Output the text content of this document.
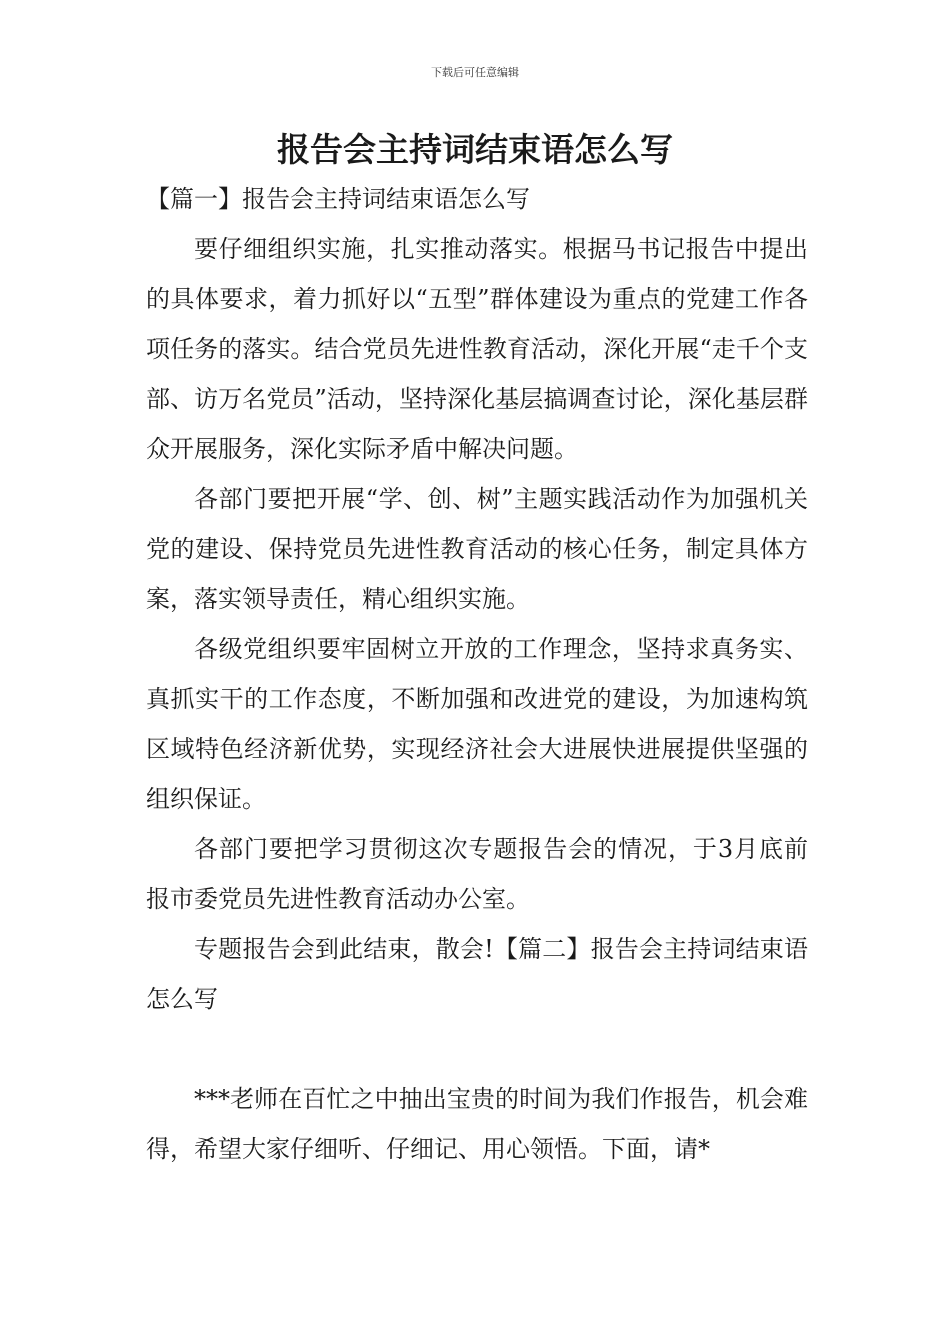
下载后可任意编辑
报告会主持词结束语怎么写

【篇一】报告会主持词结束语怎么写

要仔细组织实施，扎实推动落实。根据马书记报告中提出的具体要求，着力抓好以“五型”群体建设为重点的党建工作各项任务的落实。结合党员先进性教育活动，深化开展“走千个支部、访万名党员”活动，坚持深化基层搞调查讨论，深化基层群众开展服务，深化实际矛盾中解决问题。

各部门要把开展“学、创、树”主题实践活动作为加强机关党的建设、保持党员先进性教育活动的核心任务，制定具体方案，落实领导责任，精心组织实施。

各级党组织要牢固树立开放的工作理念，坚持求真务实、真抓实干的工作态度，不断加强和改进党的建设，为加速构筑区域特色经济新优势，实现经济社会大进展快进展提供坚强的组织保证。

各部门要把学习贯彻这次专题报告会的情况，于3月底前报市委党员先进性教育活动办公室。

专题报告会到此结束，散会!【篇二】报告会主持词结束语怎么写

***老师在百忙之中抽出宝贵的时间为我们作报告，机会难得，希望大家仔细听、仔细记、用心领悟。下面，请*
